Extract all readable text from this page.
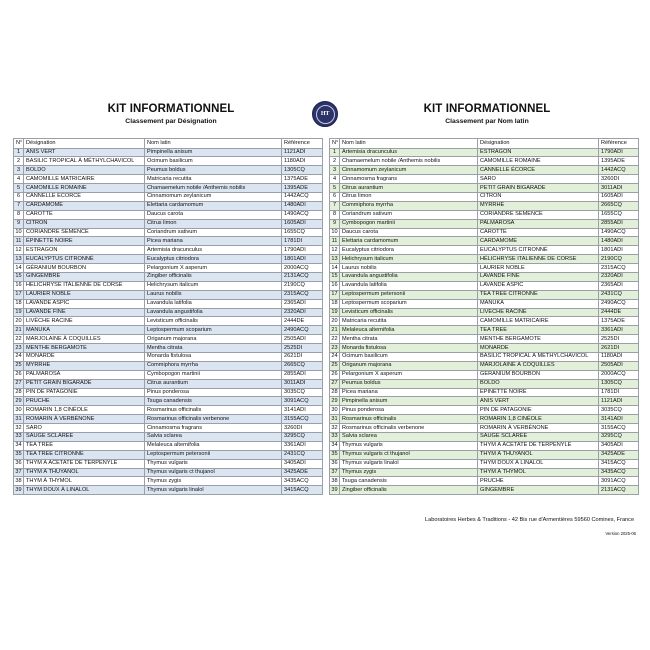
KIT INFORMATIONNEL
Classement par Désignation
HT	KIT INFORMATIONNEL
Classement par Nom latin
N°	Désignation	Nom latin	Référence
1	ANIS VERT	Pimpinella anisum	1121ADI
2	BASILIC TROPICAL À MÉTHYLCHAVICOL	Ocimum basilicum	1180ADI
3	BOLDO	Peumus boldus	1305CQ
4	CAMOMILLE MATRICAIRE	Matricaria recutita	1375ADE
5	CAMOMILLE ROMAINE	Chamaemelum nobile /Anthemis nobilis	1395ADE
6	CANNELLE ÉCORCE	Cinnamomum zeylanicum	1442ACQ
7	CARDAMOME	Elettaria cardamomum	1480ADI
8	CAROTTE	Daucus carota	1490ACQ
9	CITRON	Citrus limon	1605ADI
10	CORIANDRE SEMENCE	Coriandrum sativum	1655CQ
11	ÉPINETTE NOIRE	Picea mariana	1781DI
12	ESTRAGON	Artemisia dracunculus	1790ADI
13	EUCALYPTUS CITRONNÉ	Eucalyptus citriodora	1801ADI
14	GÉRANIUM BOURBON	Pelargonium X asperum	2000ACQ
15	GINGEMBRE	Zingiber officinalis	2131ACQ
16	HÉLICHRYSE ITALIENNE DE CORSE	Helichrysum italicum	2190CQ
17	LAURIER NOBLE	Laurus nobilis	2315ACQ
18	LAVANDE ASPIC	Lavandula latifolia	2365ADI
19	LAVANDE FINE	Lavandula angustifolia	2320ADI
20	LIVÈCHE RACINE	Levisticum officinalis	2444DE
21	MANUKA	Leptospermum scoparium	2490ACQ
22	MARJOLAINE À COQUILLES	Origanum majorana	2505ADI
23	MENTHE BERGAMOTE	Mentha citrata	2525DI
24	MONARDE	Monarda fistulosa	2621DI
25	MYRRHE	Commiphora myrrha	2665CQ
26	PALMAROSA	Cymbopogon martinii	2855ADI
27	PETIT GRAIN BIGARADE	Citrus aurantium	3011ADI
28	PIN DE PATAGONIE	Pinus ponderosa	3035CQ
29	PRUCHE	Tsuga canadensis	3091ACQ
30	ROMARIN 1,8 CINÉOLE	Rosmarinus officinalis	3141ADI
31	ROMARIN À VERBÉNONE	Rosmarinus officinalis verbenone	3155ACQ
32	SARO	Cinnamosma fragrans	3260DI
33	SAUGE SCLARÉE	Salvia sclarea	3295CQ
34	TEA TREE	Melaleuca alternifolia	3361ADI
35	TEA TREE CITRONNÉ	Leptospermum petersonii	2431CQ
36	THYM À ACÉTATE DE TERPÉNYLE	Thymus vulgaris	3405ADI
37	THYM À THUYANOL	Thymus vulgaris ct thujanol	3425ADE
38	THYM À THYMOL	Thymus zygis	3435ACQ
39	THYM DOUX À LINALOL	Thymus vulgaris linalol	3415ACQ
N°	Nom latin	Désignation	Référence
1	Artemisia dracunculus	ESTRAGON	1790ADI
2	Chamaemelum nobile /Anthemis nobilis	CAMOMILLE ROMAINE	1395ADE
3	Cinnamomum zeylanicum	CANNELLE ÉCORCE	1442ACQ
4	Cinnamosma fragrans	SARO	3260DI
5	Citrus aurantium	PETIT GRAIN BIGARADE	3011ADI
6	Citrus limon	CITRON	1605ADI
7	Commiphora myrrha	MYRRHE	2665CQ
8	Coriandrum sativum	CORIANDRE SEMENCE	1655CQ
9	Cymbopogon martinii	PALMAROSA	2855ADI
10	Daucus carota	CAROTTE	1490ACQ
11	Elettaria cardamomum	CARDAMOME	1480ADI
12	Eucalyptus citriodora	EUCALYPTUS CITRONNÉ	1801ADI
13	Helichrysum italicum	HÉLICHRYSE ITALIENNE DE CORSE	2190CQ
14	Laurus nobilis	LAURIER NOBLE	2315ACQ
15	Lavandula angustifolia	LAVANDE FINE	2320ADI
16	Lavandula latifolia	LAVANDE ASPIC	2365ADI
17	Leptospermum petersonii	TEA TREE CITRONNÉ	2431CQ
18	Leptospermum scoparium	MANUKA	2490ACQ
19	Levisticum officinalis	LIVÈCHE RACINE	2444DE
20	Matricaria recutita	CAMOMILLE MATRICAIRE	1375ADE
21	Melaleuca alternifolia	TEA TREE	3361ADI
22	Mentha citrata	MENTHE BERGAMOTE	2525DI
23	Monarda fistulosa	MONARDE	2621DI
24	Ocimum basilicum	BASILIC TROPICAL À MÉTHYLCHAVICOL	1180ADI
25	Origanum majorana	MARJOLAINE À COQUILLES	2505ADI
26	Pelargonium X asperum	GÉRANIUM BOURBON	2000ACQ
27	Peumus boldus	BOLDO	1305CQ
28	Picea mariana	ÉPINETTE NOIRE	1781DI
29	Pimpinella anisum	ANIS VERT	1121ADI
30	Pinus ponderosa	PIN DE PATAGONIE	3035CQ
31	Rosmarinus officinalis	ROMARIN 1,8 CINÉOLE	3141ADI
32	Rosmarinus officinalis verbenone	ROMARIN À VERBÉNONE	3155ACQ
33	Salvia sclarea	SAUGE SCLARÉE	3295CQ
34	Thymus vulgaris	THYM À ACÉTATE DE TERPÉNYLE	3405ADI
35	Thymus vulgaris ct thujanol	THYM À THUYANOL	3425ADE
36	Thymus vulgaris linalol	THYM DOUX À LINALOL	3415ACQ
37	Thymus zygis	THYM À THYMOL	3435ACQ
38	Tsuga canadensis	PRUCHE	3091ACQ
39	Zingiber officinalis	GINGEMBRE	2131ACQ
Laboratoires Herbes & Traditions - 42 Bis rue d'Armentières 59560 Comines, France
Version 2025-06
